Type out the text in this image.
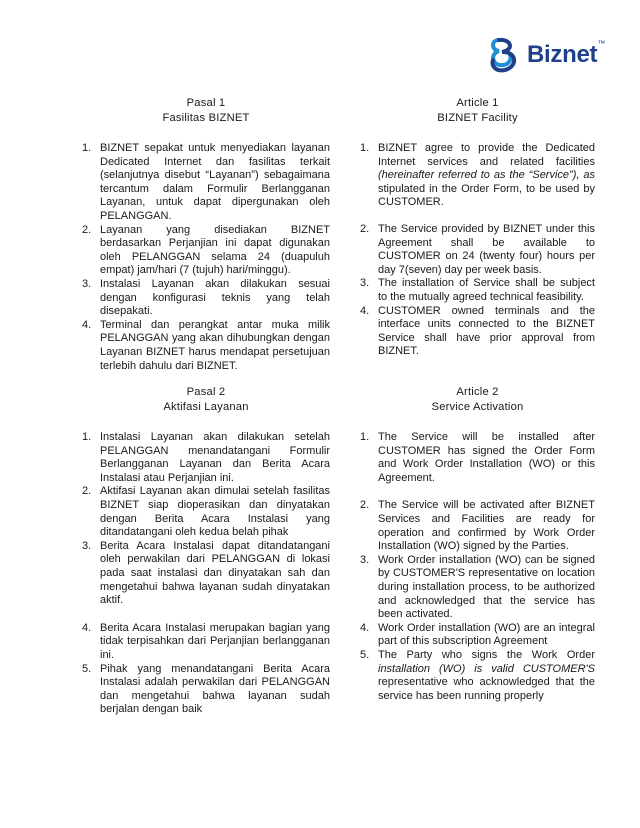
Biznet™
Pasal 1
Fasilitas BIZNET
1. BIZNET sepakat untuk menyediakan layanan Dedicated Internet dan fasilitas terkait (selanjutnya disebut “Layanan”) sebagaimana tercantum dalam Formulir Berlangganan Layanan, untuk dapat dipergunakan oleh PELANGGAN.
2. Layanan yang disediakan BIZNET berdasarkan Perjanjian ini dapat digunakan oleh PELANGGAN selama 24 (duapuluh empat) jam/hari (7 (tujuh) hari/minggu).
3. Instalasi Layanan akan dilakukan sesuai dengan konfigurasi teknis yang telah disepakati.
4. Terminal dan perangkat antar muka milik PELANGGAN yang akan dihubungkan dengan Layanan BIZNET harus mendapat persetujuan terlebih dahulu dari BIZNET.
Article 1
BIZNET Facility
1. BIZNET agree to provide the Dedicated Internet services and related facilities (hereinafter referred to as the “Service”), as stipulated in the Order Form, to be used by CUSTOMER.
2. The Service provided by BIZNET under this Agreement shall be available to CUSTOMER on 24 (twenty four) hours per day 7(seven) day per week basis.
3. The installation of Service shall be subject to the mutually agreed technical feasibility.
4. CUSTOMER owned terminals and the interface units connected to the BIZNET Service shall have prior approval from BIZNET.
Pasal 2
Aktifasi Layanan
1. Instalasi Layanan akan dilakukan setelah PELANGGAN menandatangani Formulir Berlangganan Layanan dan Berita Acara Instalasi atau Perjanjian ini.
2. Aktifasi Layanan akan dimulai setelah fasilitas BIZNET siap dioperasikan dan dinyatakan dengan Berita Acara Instalasi yang ditandatangani oleh kedua belah pihak
3. Berita Acara Instalasi dapat ditandatangani oleh perwakilan dari PELANGGAN di lokasi pada saat instalasi dan dinyatakan sah dan mengetahui bahwa layanan sudah dinyatakan aktif.
4. Berita Acara Instalasi merupakan bagian yang tidak terpisahkan dari Perjanjian berlangganan ini.
5. Pihak yang menandatangani Berita Acara Instalasi adalah perwakilan dari PELANGGAN dan mengetahui bahwa layanan sudah berjalan dengan baik
Article 2
Service Activation
1. The Service will be installed after CUSTOMER has signed the Order Form and Work Order Installation (WO) or this Agreement.
2. The Service will be activated after BIZNET Services and Facilities are ready for operation and confirmed by Work Order Installation (WO) signed by the Parties.
3. Work Order installation (WO) can be signed by CUSTOMER'S representative on location during installation process, to be authorized and acknowledged that the service has been activated.
4. Work Order installation (WO) are an integral part of this subscription Agreement
5. The Party who signs the Work Order installation (WO) is valid CUSTOMER'S representative who acknowledged that the service has been running properly
